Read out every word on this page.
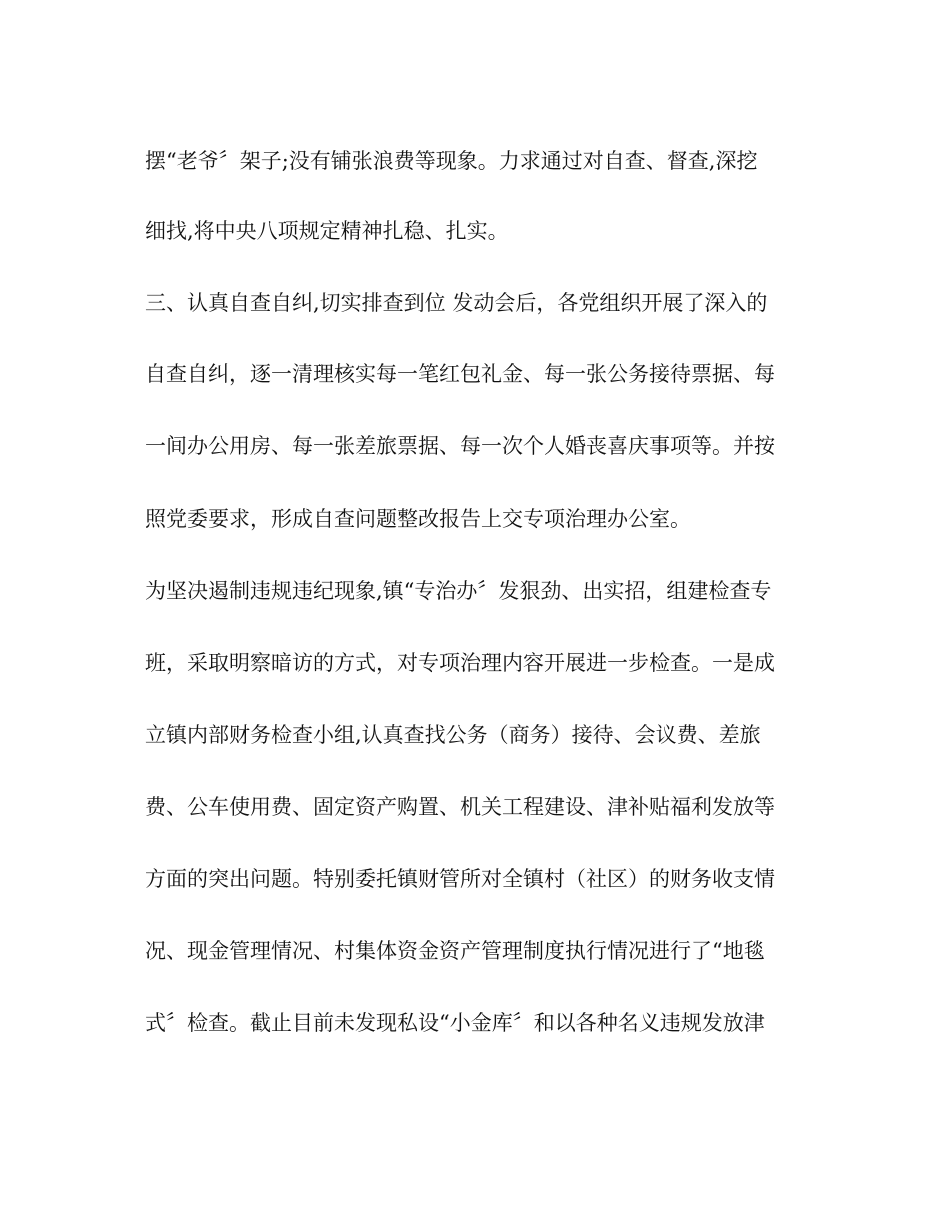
摆“老爷〞架子;没有铺张浪费等现象。力求通过对自查、督查,深挖

细找,将中央八项规定精神扎稳、扎实。

三、认真自查自纠,切实排查到位 发动会后，各党组织开展了深入的

自查自纠，逐一清理核实每一笔红包礼金、每一张公务接待票据、每

一间办公用房、每一张差旅票据、每一次个人婚丧喜庆事项等。并按

照党委要求，形成自查问题整改报告上交专项治理办公室。

为坚决遏制违规违纪现象,镇“专治办〞发狠劲、出实招，组建检查专

班，采取明察暗访的方式，对专项治理内容开展进一步检查。一是成

立镇内部财务检查小组,认真查找公务（商务）接待、会议费、差旅

费、公车使用费、固定资产购置、机关工程建设、津补贴福利发放等

方面的突出问题。特别委托镇财管所对全镇村（社区）的财务收支情

况、现金管理情况、村集体资金资产管理制度执行情况进行了“地毯

式〞检查。截止目前未发现私设“小金库〞和以各种名义违规发放津
